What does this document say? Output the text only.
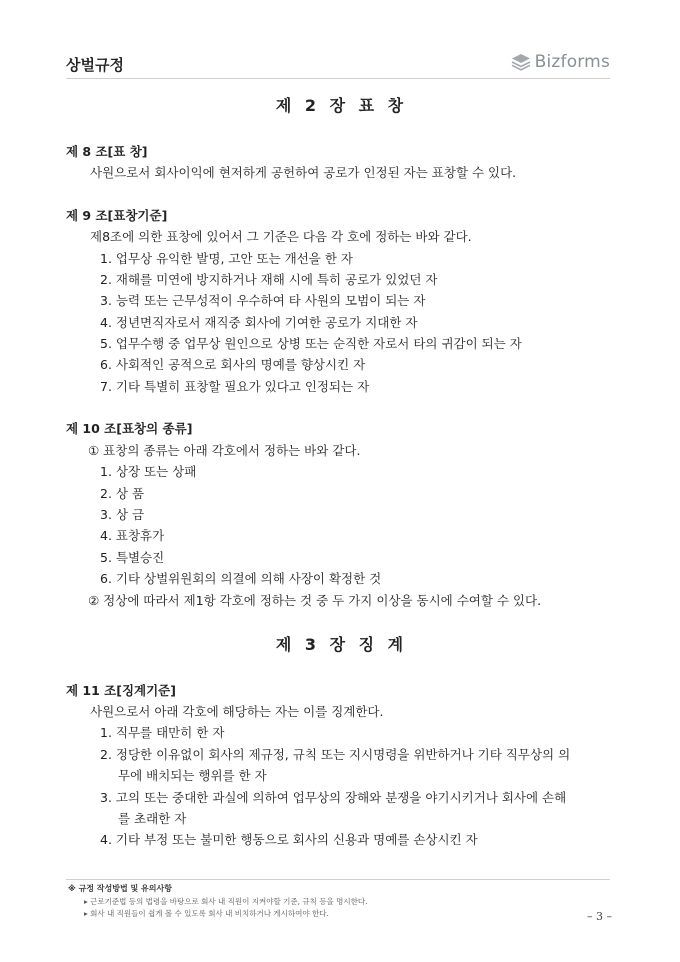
상벌규정	Bizforms
제 2 장 표 창
제 8 조[표 창]
사원으로서 회사이익에 현저하게 공헌하여 공로가 인정된 자는 표창할 수 있다.
제 9 조[표창기준]
제8조에 의한 표창에 있어서 그 기준은 다음 각 호에 정하는 바와 같다.
1. 업무상 유익한 발명, 고안 또는 개선을 한 자
2. 재해를 미연에 방지하거나 재해 시에 특히 공로가 있었던 자
3. 능력 또는 근무성적이 우수하여 타 사원의 모범이 되는 자
4. 정년면직자로서 재직중 회사에 기여한 공로가 지대한 자
5. 업무수행 중 업무상 원인으로 상병 또는 순직한 자로서 타의 귀감이 되는 자
6. 사회적인 공적으로 회사의 명예를 향상시킨 자
7. 기타 특별히 표창할 필요가 있다고 인정되는 자
제 10 조[표창의 종류]
① 표창의 종류는 아래 각호에서 정하는 바와 같다.
1. 상장 또는 상패
2. 상 품
3. 상 금
4. 표창휴가
5. 특별승진
6. 기타 상벌위원회의 의결에 의해 사장이 확정한 것
② 정상에 따라서 제1항 각호에 정하는 것 중 두 가지 이상을 동시에 수여할 수 있다.
제 3 장 징 계
제 11 조[징계기준]
사원으로서 아래 각호에 해당하는 자는 이를 징계한다.
1. 직무를 태만히 한 자
2. 정당한 이유없이 회사의 제규정, 규칙 또는 지시명령을 위반하거나 기타 직무상의 의
무에 배치되는 행위를 한 자
3. 고의 또는 중대한 과실에 의하여 업무상의 장해와 분쟁을 야기시키거나 회사에 손해
를 초래한 자
4. 기타 부정 또는 불미한 행동으로 회사의 신용과 명예를 손상시킨 자
※ 규정 작성방법 및 유의사항
▸ 근로기준법 등의 법령을 바탕으로 회사 내 직원이 지켜야할 기준, 규칙 등을 명시한다.
▸ 회사 내 직원들이 쉽게 볼 수 있도록 회사 내 비치하거나 게시하여야 한다.	– 3 –
